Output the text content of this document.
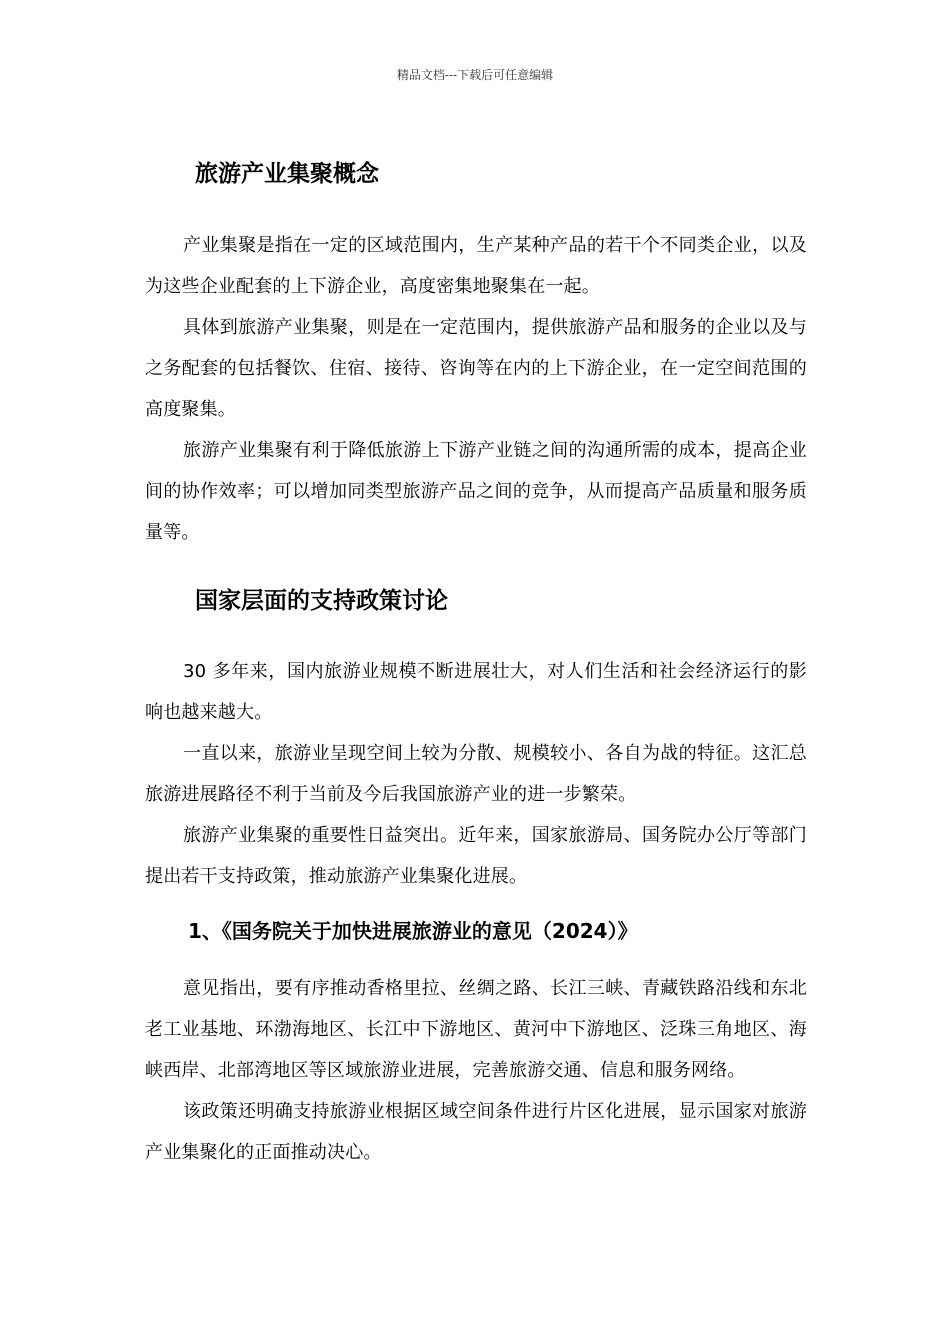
精品文档---下载后可任意编辑
旅游产业集聚概念

产业集聚是指在一定的区域范围内，生产某种产品的若干个不同类企业，以及为这些企业配套的上下游企业，高度密集地聚集在一起。

具体到旅游产业集聚，则是在一定范围内，提供旅游产品和服务的企业以及与之务配套的包括餐饮、住宿、接待、咨询等在内的上下游企业，在一定空间范围的高度聚集。

旅游产业集聚有利于降低旅游上下游产业链之间的沟通所需的成本，提高企业间的协作效率；可以增加同类型旅游产品之间的竞争，从而提高产品质量和服务质量等。

国家层面的支持政策讨论

30 多年来，国内旅游业规模不断进展壮大，对人们生活和社会经济运行的影响也越来越大。

一直以来，旅游业呈现空间上较为分散、规模较小、各自为战的特征。这汇总旅游进展路径不利于当前及今后我国旅游产业的进一步繁荣。

旅游产业集聚的重要性日益突出。近年来，国家旅游局、国务院办公厅等部门提出若干支持政策，推动旅游产业集聚化进展。

1、《国务院关于加快进展旅游业的意见（2024）》

意见指出，要有序推动香格里拉、丝绸之路、长江三峡、青藏铁路沿线和东北老工业基地、环渤海地区、长江中下游地区、黄河中下游地区、泛珠三角地区、海峡西岸、北部湾地区等区域旅游业进展，完善旅游交通、信息和服务网络。

该政策还明确支持旅游业根据区域空间条件进行片区化进展，显示国家对旅游产业集聚化的正面推动决心。
